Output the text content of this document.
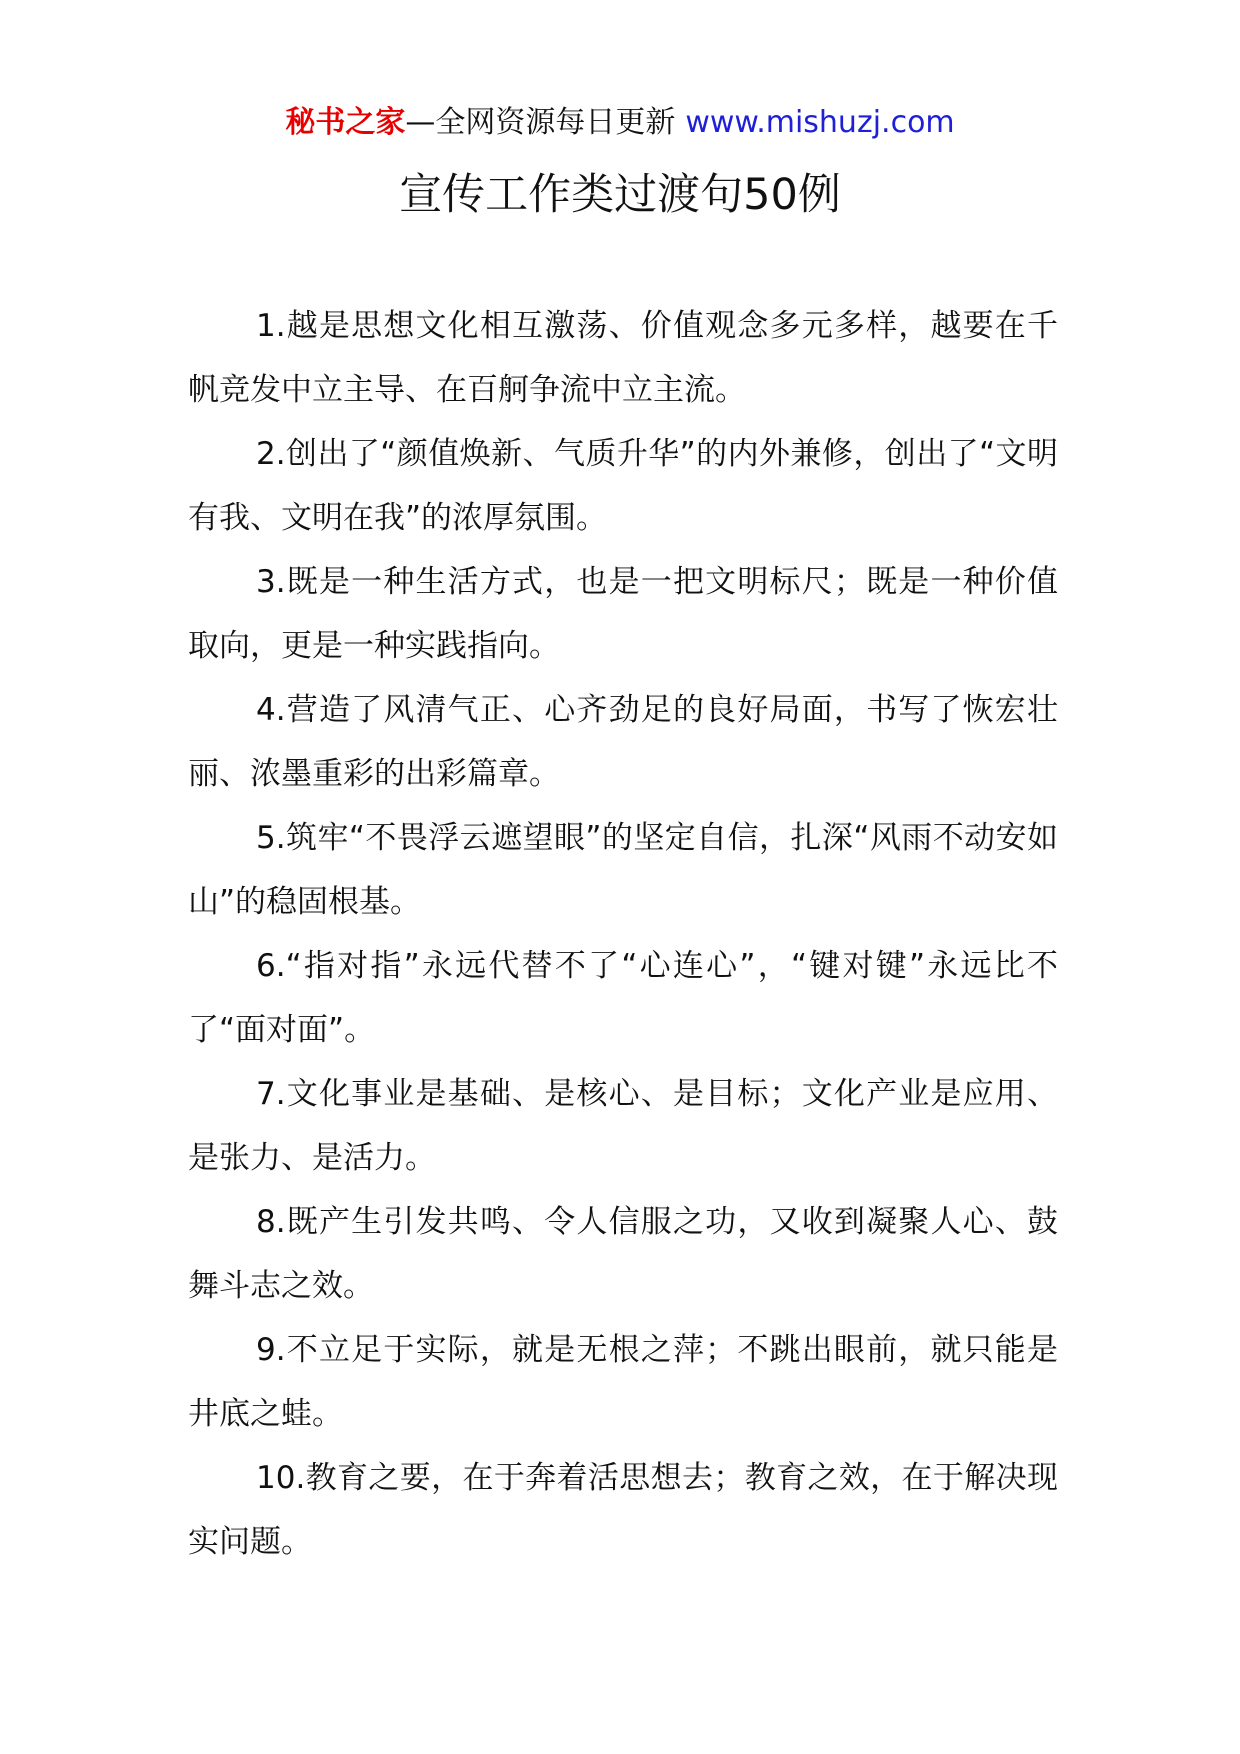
秘书之家—全网资源每日更新 www.mishuzj.com
宣传工作类过渡句50例

1.越是思想文化相互激荡、价值观念多元多样，越要在千帆竞发中立主导、在百舸争流中立主流。

2.创出了“颜值焕新、气质升华”的内外兼修，创出了“文明有我、文明在我”的浓厚氛围。

3.既是一种生活方式，也是一把文明标尺；既是一种价值取向，更是一种实践指向。

4.营造了风清气正、心齐劲足的良好局面，书写了恢宏壮丽、浓墨重彩的出彩篇章。

5.筑牢“不畏浮云遮望眼”的坚定自信，扎深“风雨不动安如山”的稳固根基。

6.“指对指”永远代替不了“心连心”，“键对键”永远比不了“面对面”。

7.文化事业是基础、是核心、是目标；文化产业是应用、是张力、是活力。

8.既产生引发共鸣、令人信服之功，又收到凝聚人心、鼓舞斗志之效。

9.不立足于实际，就是无根之萍；不跳出眼前，就只能是井底之蛙。

10.教育之要，在于奔着活思想去；教育之效，在于解决现实问题。
